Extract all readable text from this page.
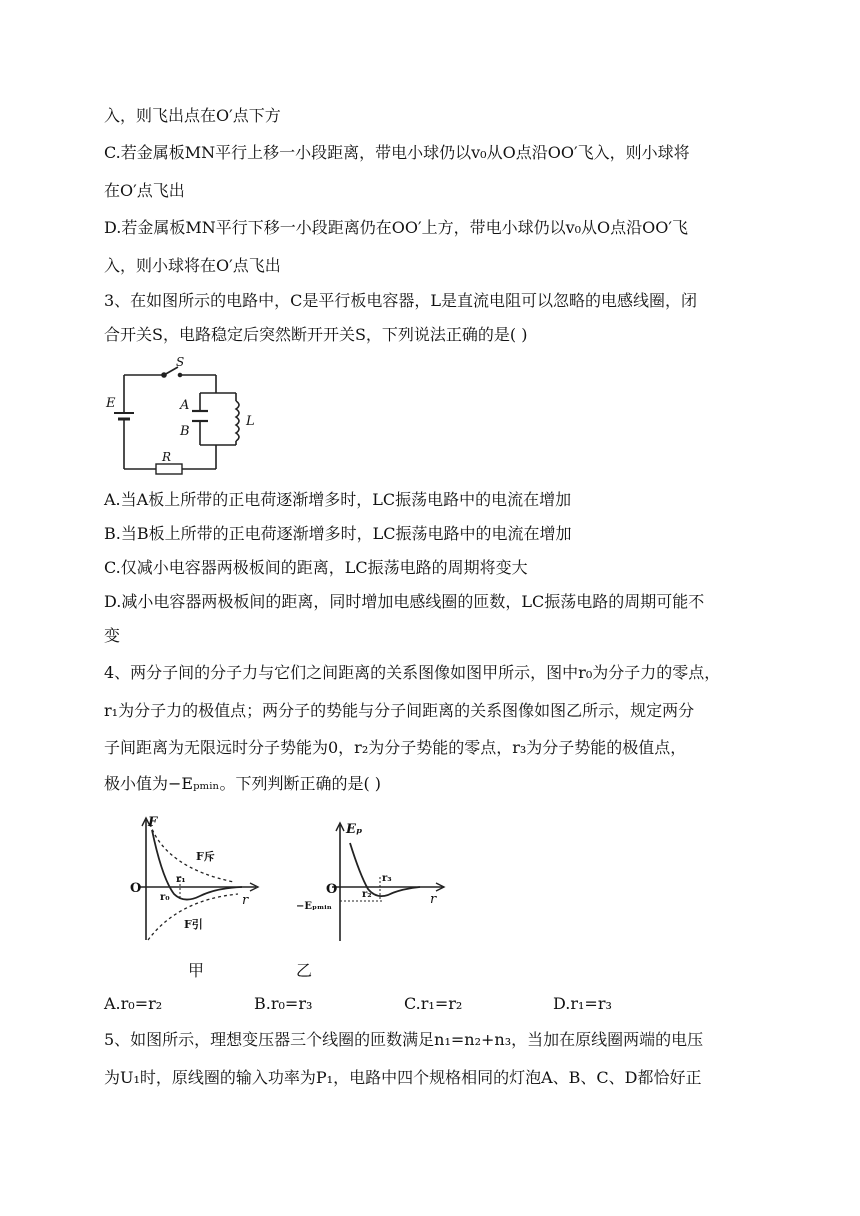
入，则飞出点在O′点下方
C.若金属板MN平行上移一小段距离，带电小球仍以v₀从O点沿OO′飞入，则小球将
在O′点飞出
D.若金属板MN平行下移一小段距离仍在OO′上方，带电小球仍以v₀从O点沿OO′飞
入，则小球将在O′点飞出
3、在如图所示的电路中，C是平行板电容器，L是直流电阻可以忽略的电感线圈，闭
合开关S，电路稳定后突然断开开关S，下列说法正确的是( )
S
E	A
B
L
R
A.当A板上所带的正电荷逐渐增多时，LC振荡电路中的电流在增加
B.当B板上所带的正电荷逐渐增多时，LC振荡电路中的电流在增加
C.仅减小电容器两极板间的距离，LC振荡电路的周期将变大
D.减小电容器两极板间的距离，同时增加电感线圈的匝数，LC振荡电路的周期可能不
变
4、两分子间的分子力与它们之间距离的关系图像如图甲所示，图中r₀为分子力的零点，
r₁为分子力的极值点；两分子的势能与分子间距离的关系图像如图乙所示，规定两分
子间距离为无限远时分子势能为0，r₂为分子势能的零点，r₃为分子势能的极值点，
极小值为−Eₚₘᵢₙ。下列判断正确的是( )
F
O
r
F斥
F引
r₁
r₀
Eₚ
O
r
r₃
r₂
−Eₚₘᵢₙ
甲	乙
A.r₀=r₂	B.r₀=r₃	C.r₁=r₂	D.r₁=r₃
5、如图所示，理想变压器三个线圈的匝数满足n₁=n₂+n₃，当加在原线圈两端的电压
为U₁时，原线圈的输入功率为P₁，电路中四个规格相同的灯泡A、B、C、D都恰好正
